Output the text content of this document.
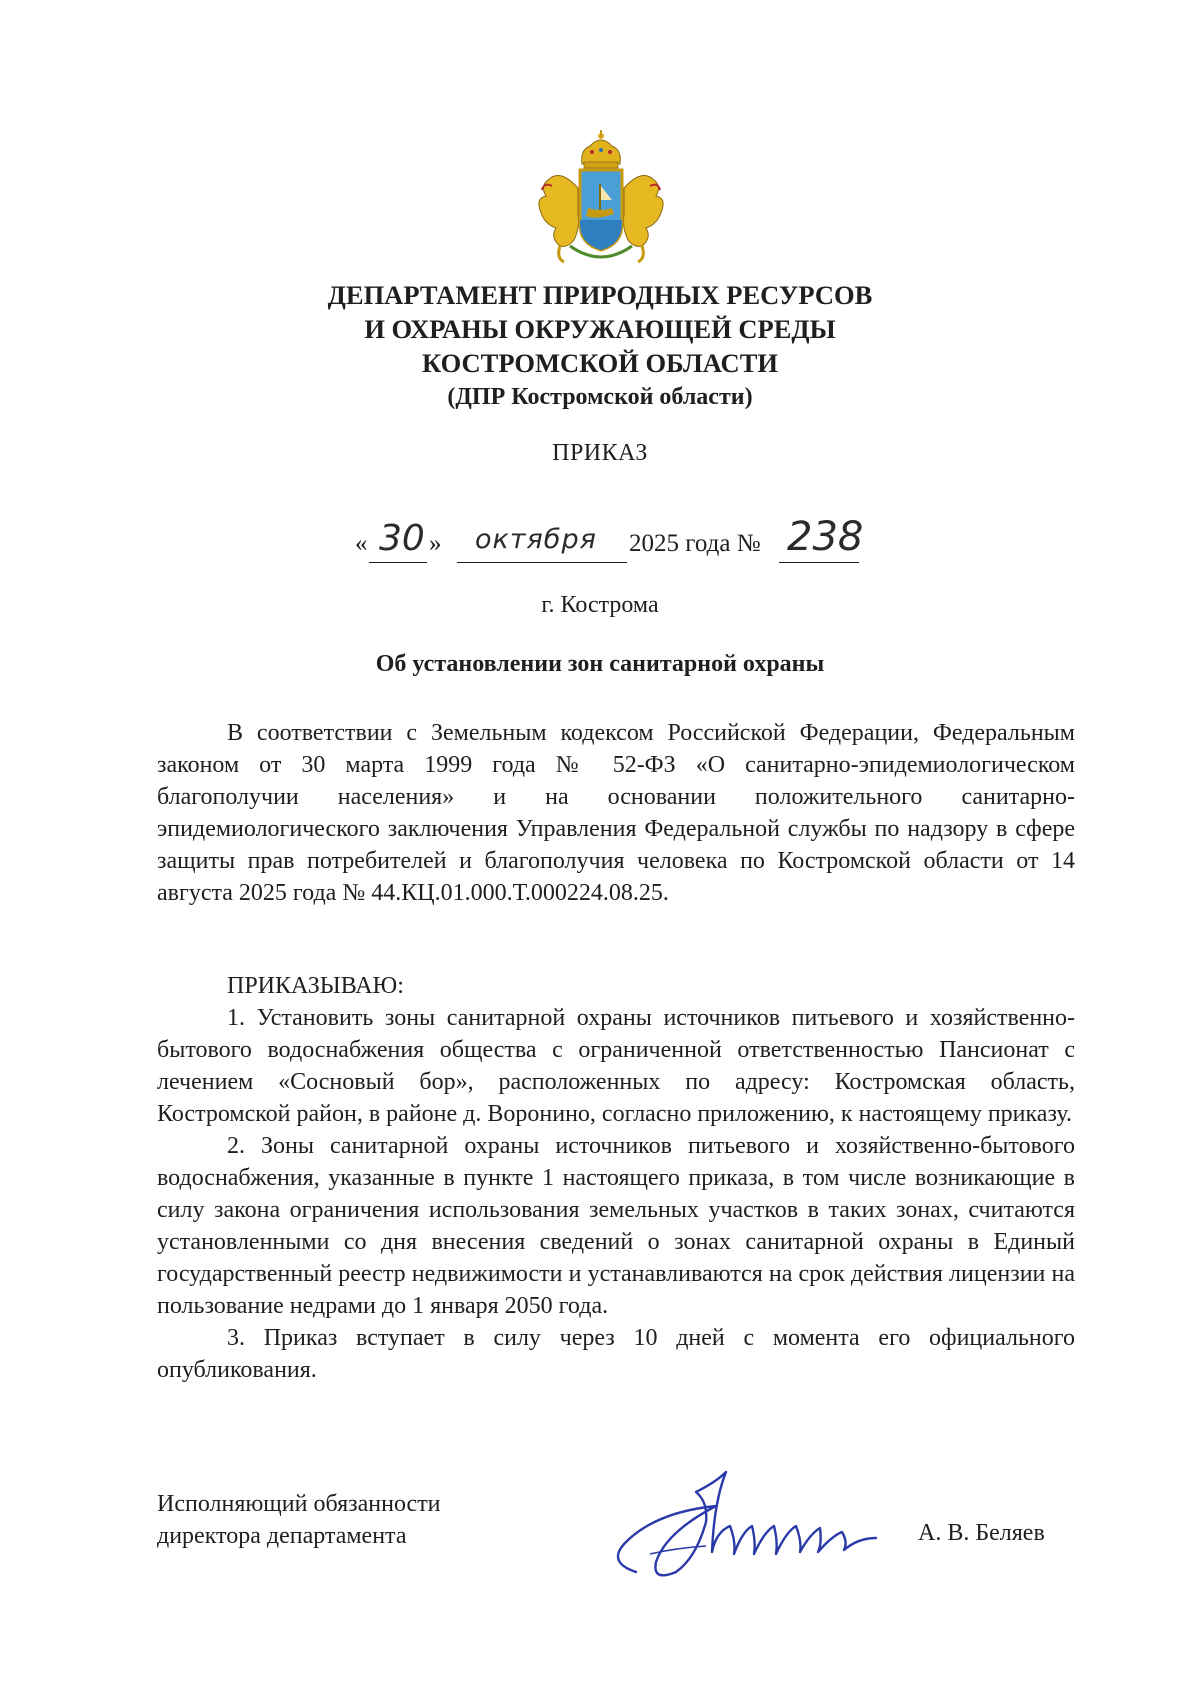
ДЕПАРТАМЕНТ ПРИРОДНЫХ РЕСУРСОВ
И ОХРАНЫ ОКРУЖАЮЩЕЙ СРЕДЫ
КОСТРОМСКОЙ ОБЛАСТИ
(ДПР Костромской области)
ПРИКАЗ
« 30 » октября 2025 года № 238
г. Кострома
Об установлении зон санитарной охраны

В соответствии с Земельным кодексом Российской Федерации, Федеральным законом от 30 марта 1999 года № 52-ФЗ «О санитарно-эпидемиологическом благополучии населения» и на основании положительного санитарно-эпидемиологического заключения Управления Федеральной службы по надзору в сфере защиты прав потребителей и благополучия человека по Костромской области от 14 августа 2025 года № 44.КЦ.01.000.Т.000224.08.25.

ПРИКАЗЫВАЮ:

1. Установить зоны санитарной охраны источников питьевого и хозяйственно-бытового водоснабжения общества с ограниченной ответственностью Пансионат с лечением «Сосновый бор», расположенных по адресу: Костромская область, Костромской район, в районе д. Воронино, согласно приложению, к настоящему приказу.

2. Зоны санитарной охраны источников питьевого и хозяйственно-бытового водоснабжения, указанные в пункте 1 настоящего приказа, в том числе возникающие в силу закона ограничения использования земельных участков в таких зонах, считаются установленными со дня внесения сведений о зонах санитарной охраны в Единый государственный реестр недвижимости и устанавливаются на срок действия лицензии на пользование недрами до 1 января 2050 года.

3. Приказ вступает в силу через 10 дней с момента его официального опубликования.

Исполняющий обязанности
директора департамента	А. В. Беляев
